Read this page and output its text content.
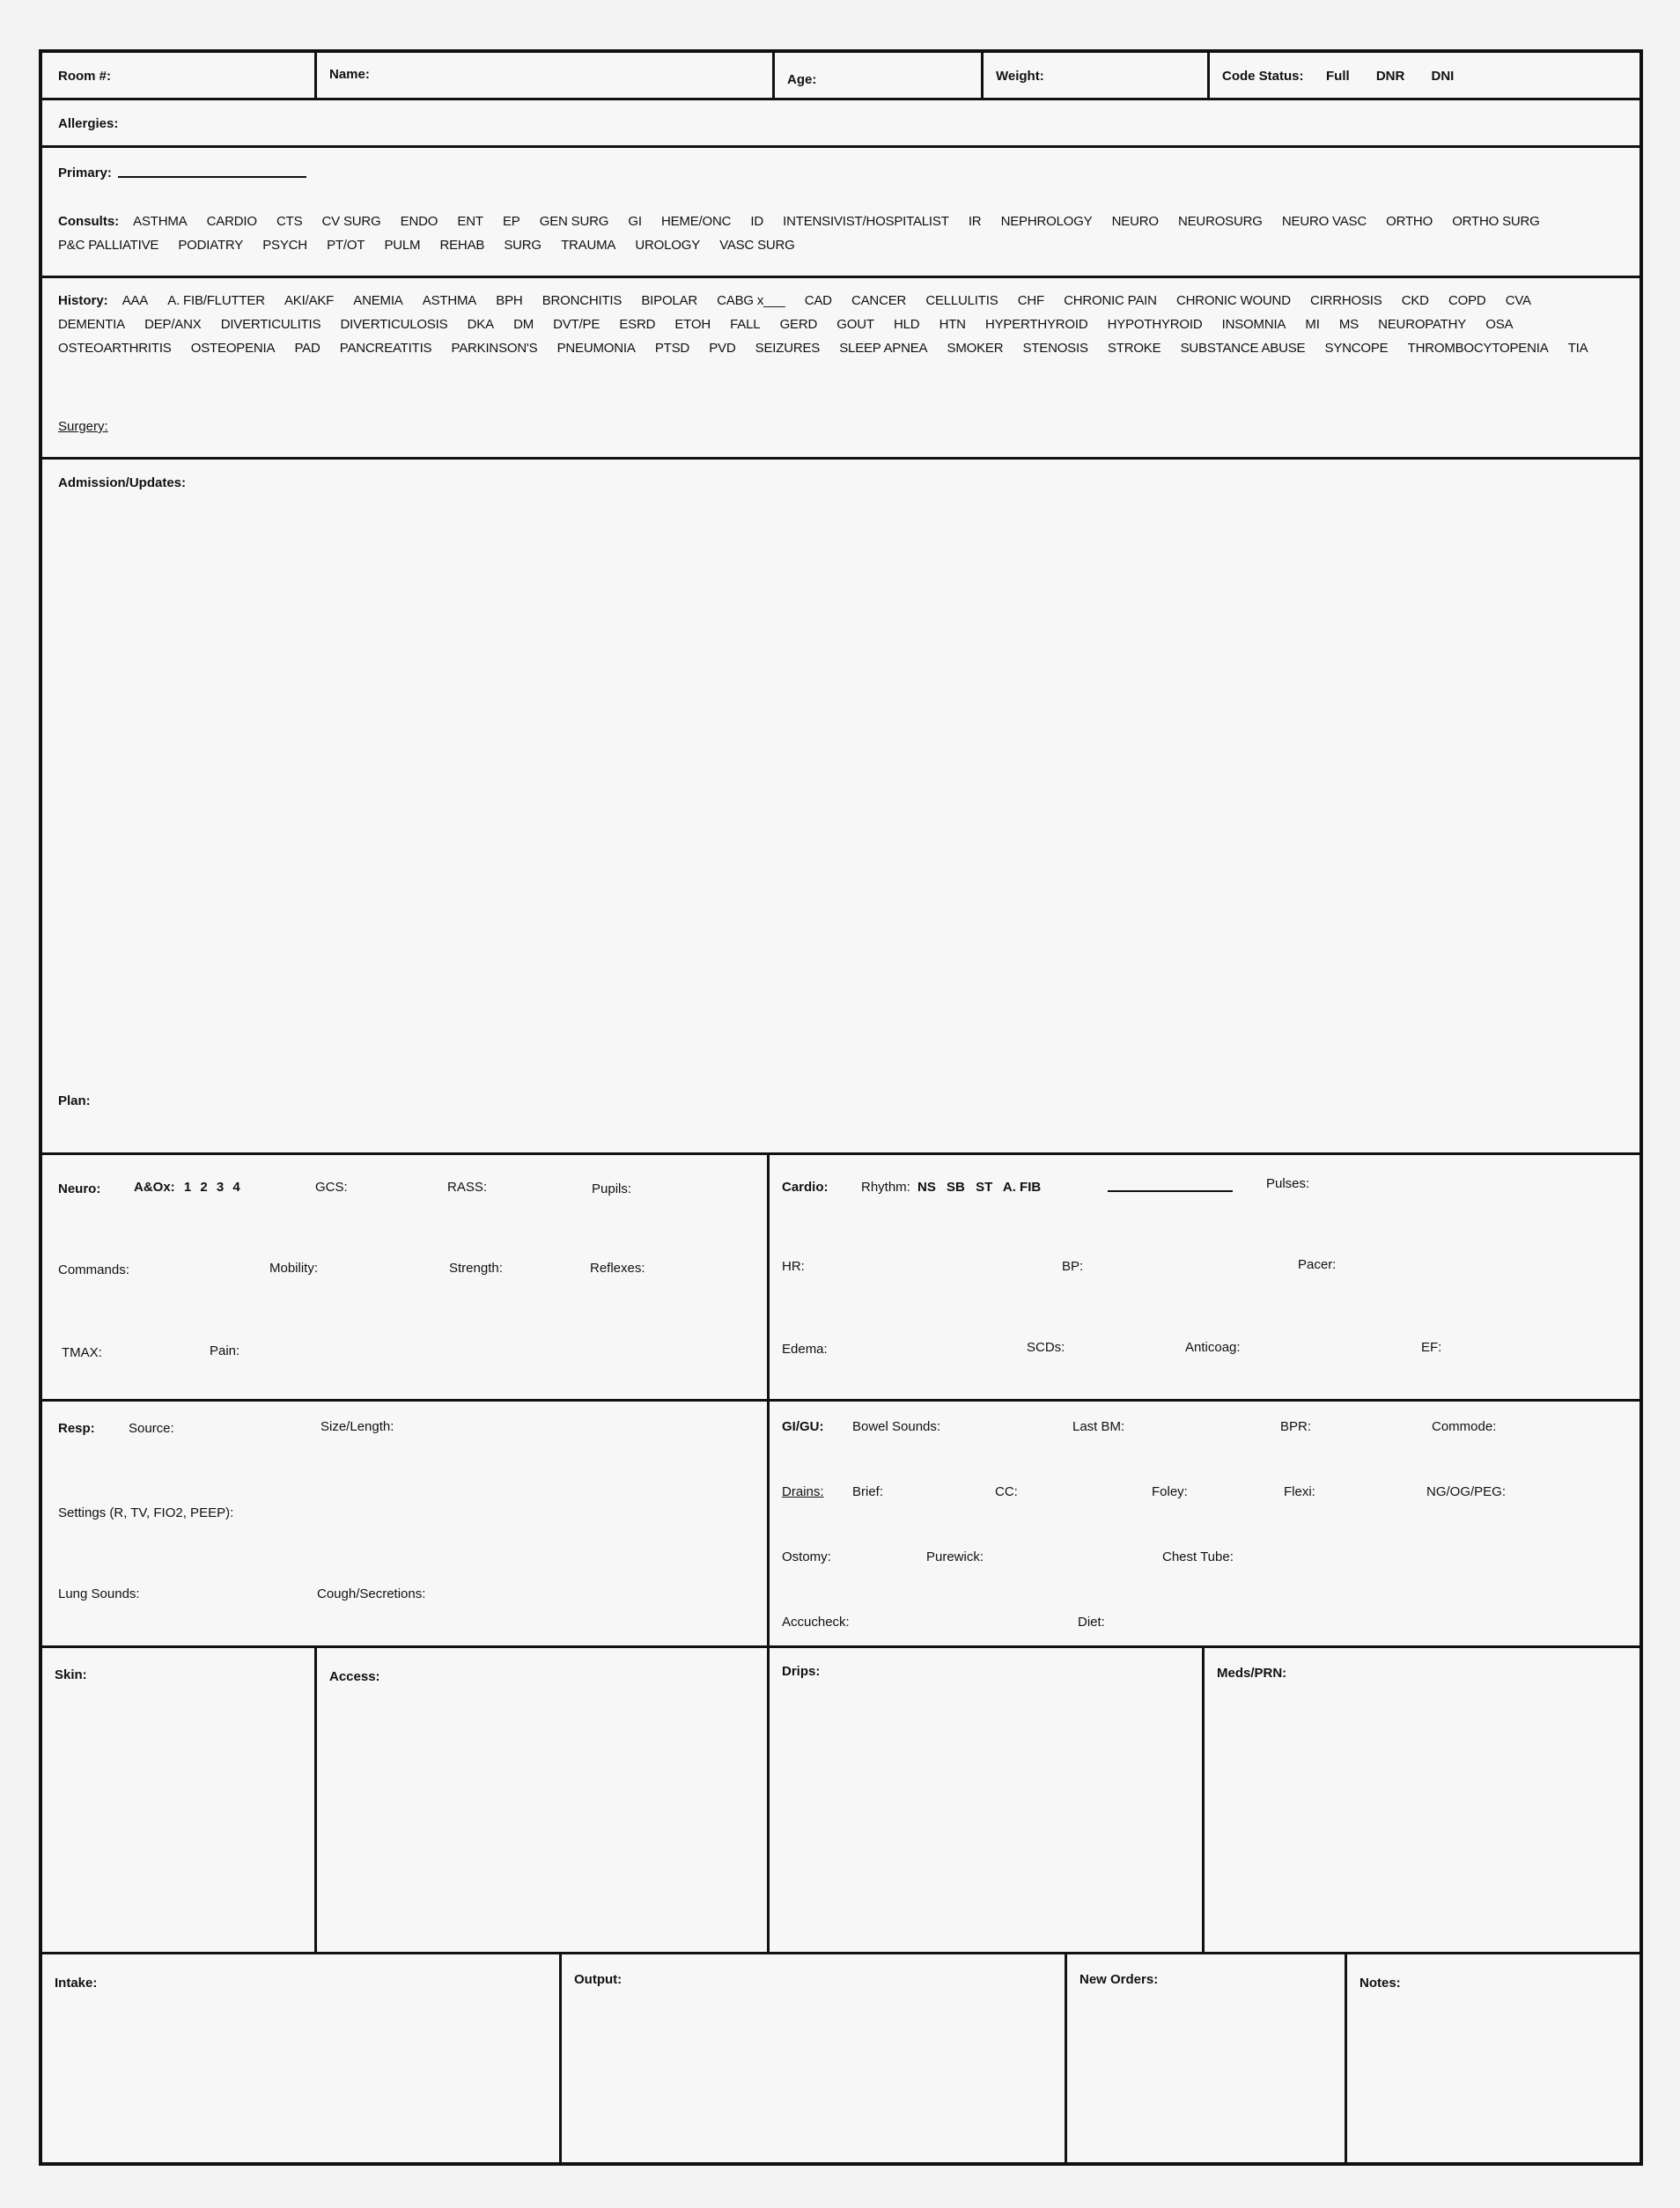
Room #:	Name:	Age:	Weight:	Code Status: Full DNR DNI
Allergies:
Primary:
Consults: ASTHMA CARDIO CTS CV SURG ENDO ENT EP GEN SURG GI HEME/ONC ID INTENSIVIST/HOSPITALIST IR NEPHROLOGY NEURO NEUROSURG NEURO VASC ORTHO ORTHO SURG P&C PALLIATIVE PODIATRY PSYCH PT/OT PULM REHAB SURG TRAUMA UROLOGY VASC SURG
History: AAA A. FIB/FLUTTER AKI/AKF ANEMIA ASTHMA BPH BRONCHITIS BIPOLAR CABG x___ CAD CANCER CELLULITIS CHF CHRONIC PAIN CHRONIC WOUND CIRRHOSIS CKD COPD CVA DEMENTIA DEP/ANX DIVERTICULITIS DIVERTICULOSIS DKA DM DVT/PE ESRD ETOH FALL GERD GOUT HLD HTN HYPERTHYROID HYPOTHYROID INSOMNIA MI MS NEUROPATHY OSA OSTEOARTHRITIS OSTEOPENIA PAD PANCREATITIS PARKINSON'S PNEUMONIA PTSD PVD SEIZURES SLEEP APNEA SMOKER STENOSIS STROKE SUBSTANCE ABUSE SYNCOPE THROMBOCYTOPENIA TIA
Surgery:
Admission/Updates:
Plan:
Neuro:	A&Ox: 1 2 3 4	GCS:	RASS:	Pupils:
Commands:	Mobility:	Strength:	Reflexes:
TMAX:	Pain:
Cardio:	Rhythm: NS SB ST A. FIB	Pulses:
HR:	BP:	Pacer:
Edema:	SCDs:	Anticoag:	EF:
Resp:	Source:	Size/Length:
Settings (R, TV, FIO2, PEEP):
Lung Sounds:	Cough/Secretions:
GI/GU: Bowel Sounds:	Last BM:	BPR:	Commode:
Drains: Brief:	CC:	Foley:	Flexi:	NG/OG/PEG:
Ostomy:	Purewick:	Chest Tube:
Accucheck:	Diet:
Skin:	Access:	Drips:	Meds/PRN:
Intake:	Output:	New Orders:	Notes:
